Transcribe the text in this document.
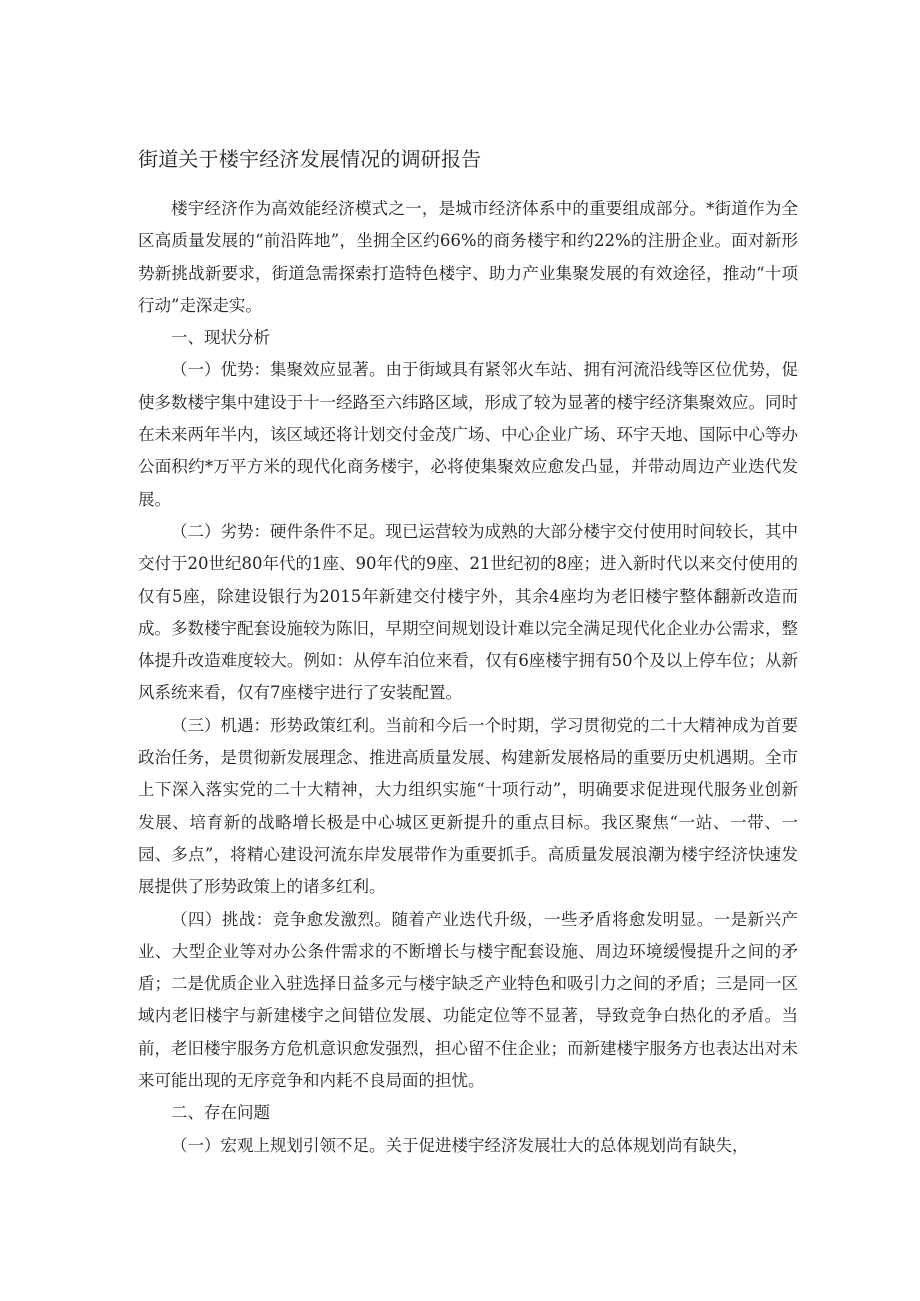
街道关于楼宇经济发展情况的调研报告

楼宇经济作为高效能经济模式之一，是城市经济体系中的重要组成部分。*街道作为全区高质量发展的“前沿阵地”，坐拥全区约66%的商务楼宇和约22%的注册企业。面对新形势新挑战新要求，街道急需探索打造特色楼宇、助力产业集聚发展的有效途径，推动“十项行动”走深走实。

一、现状分析

（一）优势：集聚效应显著。由于街域具有紧邻火车站、拥有河流沿线等区位优势，促使多数楼宇集中建设于十一经路至六纬路区域，形成了较为显著的楼宇经济集聚效应。同时在未来两年半内，该区域还将计划交付金茂广场、中心企业广场、环宇天地、国际中心等办公面积约*万平方米的现代化商务楼宇，必将使集聚效应愈发凸显，并带动周边产业迭代发展。

（二）劣势：硬件条件不足。现已运营较为成熟的大部分楼宇交付使用时间较长，其中交付于20世纪80年代的1座、90年代的9座、21世纪初的8座；进入新时代以来交付使用的仅有5座，除建设银行为2015年新建交付楼宇外，其余4座均为老旧楼宇整体翻新改造而成。多数楼宇配套设施较为陈旧，早期空间规划设计难以完全满足现代化企业办公需求，整体提升改造难度较大。例如：从停车泊位来看，仅有6座楼宇拥有50个及以上停车位；从新风系统来看，仅有7座楼宇进行了安装配置。

（三）机遇：形势政策红利。当前和今后一个时期，学习贯彻党的二十大精神成为首要政治任务，是贯彻新发展理念、推进高质量发展、构建新发展格局的重要历史机遇期。全市上下深入落实党的二十大精神，大力组织实施“十项行动”，明确要求促进现代服务业创新发展、培育新的战略增长极是中心城区更新提升的重点目标。我区聚焦“一站、一带、一园、多点”，将精心建设河流东岸发展带作为重要抓手。高质量发展浪潮为楼宇经济快速发展提供了形势政策上的诸多红利。

（四）挑战：竞争愈发激烈。随着产业迭代升级，一些矛盾将愈发明显。一是新兴产业、大型企业等对办公条件需求的不断增长与楼宇配套设施、周边环境缓慢提升之间的矛盾；二是优质企业入驻选择日益多元与楼宇缺乏产业特色和吸引力之间的矛盾；三是同一区域内老旧楼宇与新建楼宇之间错位发展、功能定位等不显著，导致竞争白热化的矛盾。当前，老旧楼宇服务方危机意识愈发强烈，担心留不住企业；而新建楼宇服务方也表达出对未来可能出现的无序竞争和内耗不良局面的担忧。

二、存在问题

（一）宏观上规划引领不足。关于促进楼宇经济发展壮大的总体规划尚有缺失，
